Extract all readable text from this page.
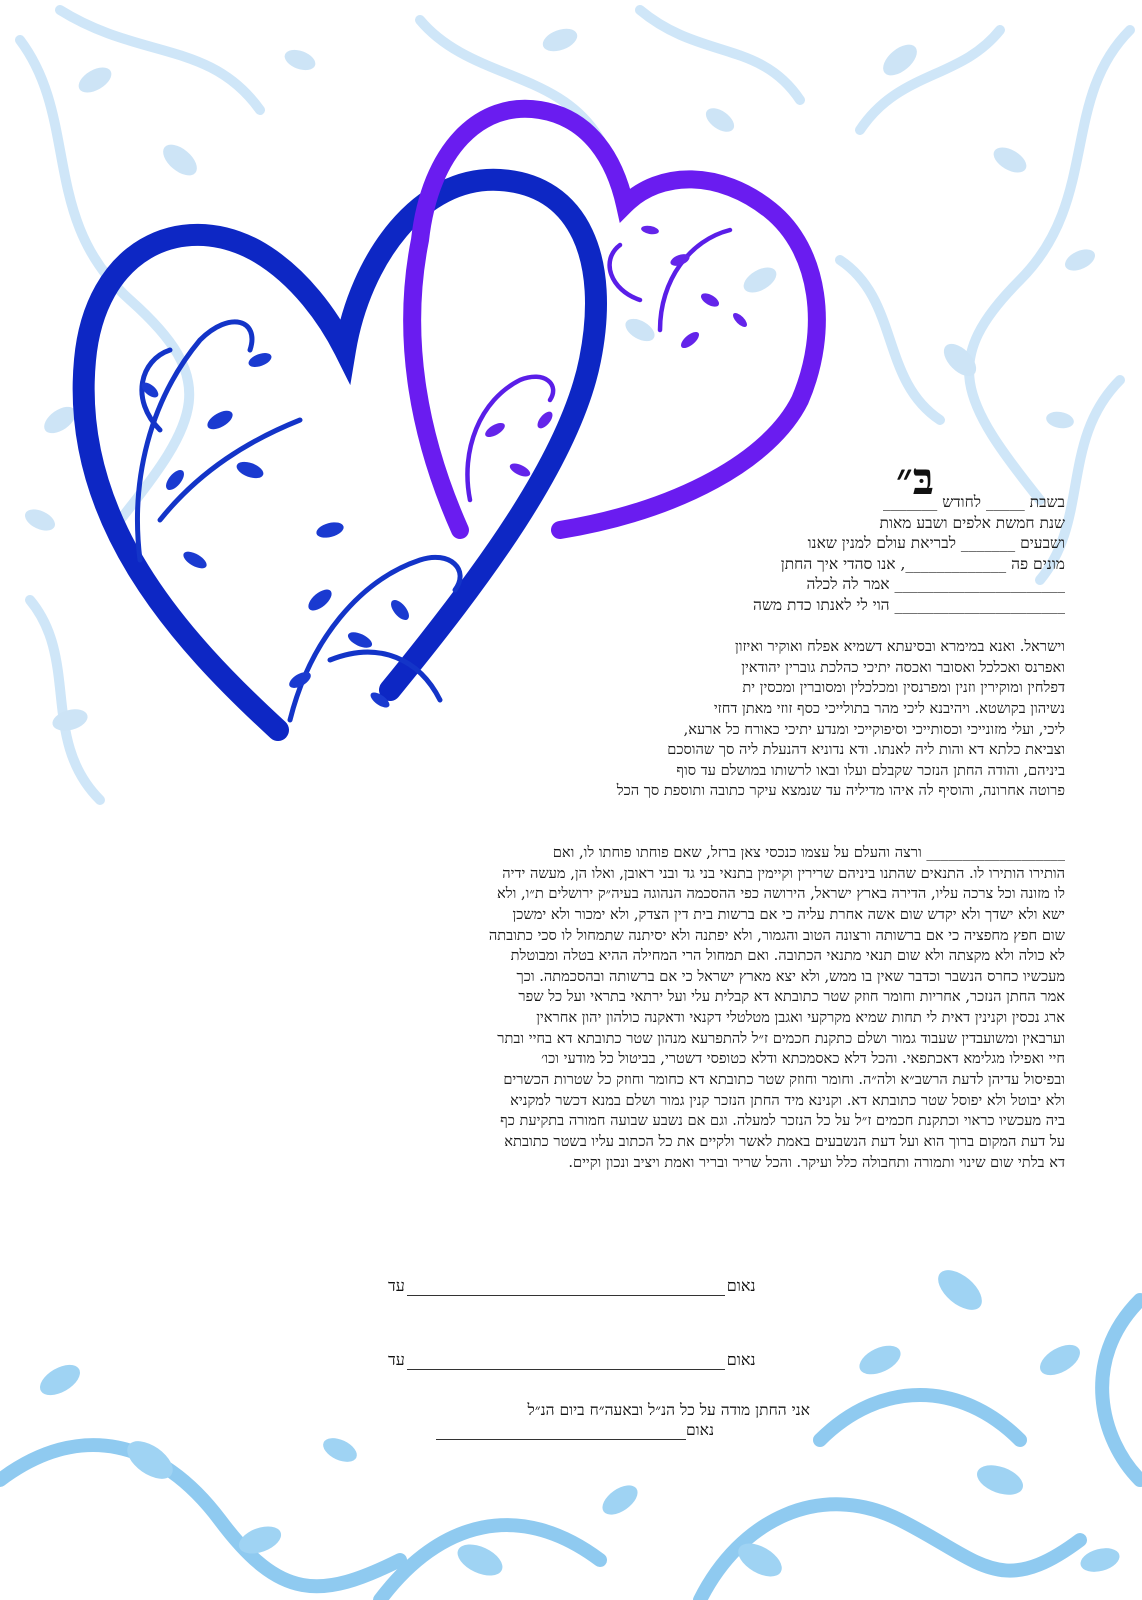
בּ״
בשבת _____ לחודש _______
שנת חמשת אלפים ושבע מאות
ושבעים _______ לבריאת עולם למנין שאנו
מונים פה _____________, אנו סהדי איך החתן
______________________ אמר לה לכלה
______________________ הוי לי לאנתו כדת משה
וישראל. ואנא במימרא ובסיעתא דשמיא אפלח ואוקיר ואיזון
ואפרנס ואכלכל ואסובר ואכסה יתיכי כהלכת גוברין יהודאין
דפלחין ומוקירין וזנין ומפרנסין ומכלכלין ומסוברין ומכסין ית
נשיהון בקושטא. ויהיבנא ליכי מהר בתולייכי כסף זוזי מאתן דחזי
ליכי, ועלי מזונייכי וכסותייכי וסיפוקייכי ומנדע יתיכי כאורח כל ארעא,
וצביאת כלתא דא והות ליה לאנתו. ודא נדוניא דהנעלת ליה סך שהוסכם
ביניהם, והודה החתן הנזכר שקבלם ועלו ובאו לרשותו במושלם עד סוף
פרוטה אחרונה, והוסיף לה איהו מדיליה עד שנמצא עיקר כתובה ותוספת סך הכל
___________________ ורצה והעלם על עצמו כנכסי צאן ברזל, שאם פוחתו פוחתו לו, ואם
הותירו הותירו לו. התנאים שהתנו ביניהם שרירין וקיימין בתנאי בני גד ובני ראובן, ואלו הן, מעשה ידיה
לו מזונה וכל צרכה עליו, הדירה בארץ ישראל, הירושה כפי ההסכמה הנהוגה בעיה״ק ירושלים ת״ו, ולא
ישא ולא ישדך ולא יקדש שום אשה אחרת עליה כי אם ברשות בית דין הצדק, ולא ימכור ולא ימשכן
שום חפץ מחפציה כי אם ברשותה ורצונה הטוב והגמור, ולא יפתנה ולא יסיתנה שתמחול לו סכי כתובתה
לא כולה ולא מקצתה ולא שום תנאי מתנאי הכתובה. ואם תמחול הרי המחילה ההיא בטלה ומבוטלת
מעכשיו כחרס הנשבר וכדבר שאין בו ממש, ולא יצא מארץ ישראל כי אם ברשותה ובהסכמתה. וכך
אמר החתן הנזכר, אחריות וחומר חוזק שטר כתובתא דא קבלית עלי ועל ירתאי בתראי ועל כל שפר
ארג נכסין וקנינין דאית לי תחות שמיא מקרקעי ואגבן מטלטלי דקנאי ודאקנה כולהון יהון אחראין
וערבאין ומשועבדין שעבוד גמור ושלם כתקנת חכמים ז״ל להתפרעא מנהון שטר כתובתא דא בחיי ובתר
חיי ואפילו מגלימא דאכתפאי. והכל דלא כאסמכתא ודלא כטופסי דשטרי, בביטול כל מודעי וכו׳
ובפיסול עדיהן לדעת הרשב״א ולה״ה. וחומר וחוזק שטר כתובתא דא כחומר וחוזק כל שטרות הכשרים
ולא יבוטל ולא יפוסל שטר כתובתא דא. וקנינא מיד החתן הנזכר קנין גמור ושלם במנא דכשר למקניא
ביה מעכשיו כראוי וכתקנת חכמים ז״ל על כל הנזכר למעלה. וגם אם נשבע שבועה חמורה בתקיעת כף
על דעת המקום ברוך הוא ועל דעת הנשבעים באמת לאשר ולקיים את כל הכתוב עליו בשטר כתובתא
דא בלתי שום שינוי ותמורה ותחבולה כלל ועיקר. והכל שריר ובריר ואמת ויציב ונכון וקיים.
נאוםעד
נאוםעד
אני החתן מודה על כל הנ״ל ובאעה״ח ביום הנ״ל
נאום
